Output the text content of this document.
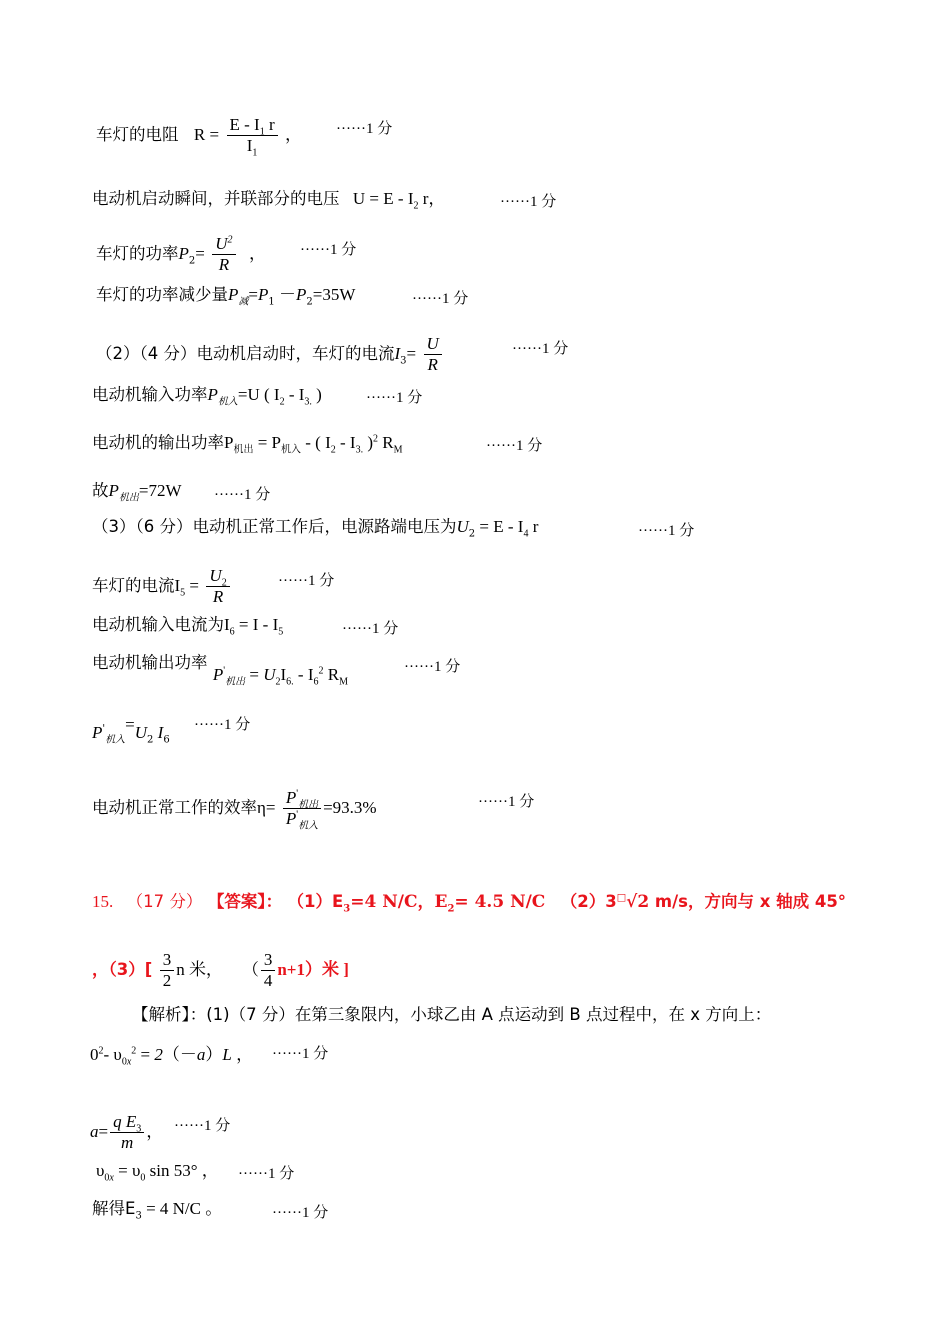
车灯的电阻 $R = \frac{E - I_1 r}{I_1}$ ， ······1 分
电动机启动瞬间，并联部分的电压 $U = E - I_2$ r，	······1 分
车灯的功率$P_2= \frac{U^2}{R}$ ， ······1 分
车灯的功率减少量$P_减=P_1 -P_2=35W$	······1 分
（2）（4 分）电动机启动时，车灯的电流$I_3= \frac{U}{R}$	······1 分
电动机输入功率$P_{机入}=U$ ( $I_2 - I_{3.}$ )	······1 分
电动机的输出功率$P_{机出} = P_{机入}$ - ( $I_2 - I_{3.}$ )$^2$ $R_M$	······1 分
故$P_{机出}=72W \cdot\cdot\cdot\cdot\cdot\cdot 1$ 分
（3）（6 分）电动机正常工作后，电源路端电压为$U_2 = E - I_4$ r	······1 分
车灯的电流$I_5 = \frac{U_2}{R}$	······1 分
电动机输入电流为$I_6 = I - I_5$	······1 分
电动机输出功率 $P'_{机出} = U_2I_{6.} - I_6^2$ $R_M$
······1 分
$P'_{机入}=U_2$ $I_6$
······1 分
电动机正常工作的效率$\eta= \frac{P'_{机出}}{P'_{机入}} =93.3\%$	······1 分
15. （17 分） 【答案】： $(1)E_3=4$ N/C，$E_2= 4.5$ N/C （2）3□√2 m/s，方向与 x 轴成 45°
，$(3)[ \frac{3}{2}$ n 米， （ $\frac{3}{4} n+1$）米 ]
【解析】：(1)（7 分）在第三象限内，小球乙由 A 点运动到 B 点过程中，在 x 方向上：
$0^2-$ $\upsilon_{0x}^2 = 2(-a)L$ ， ······1 分
$a= \frac{q E_3}{m}$ ， ······1 分
$\upsilon_{0x} = \upsilon_0$ sin 53° ， ······1 分
解得$E_3 = 4$ N/C 。	······1 分
